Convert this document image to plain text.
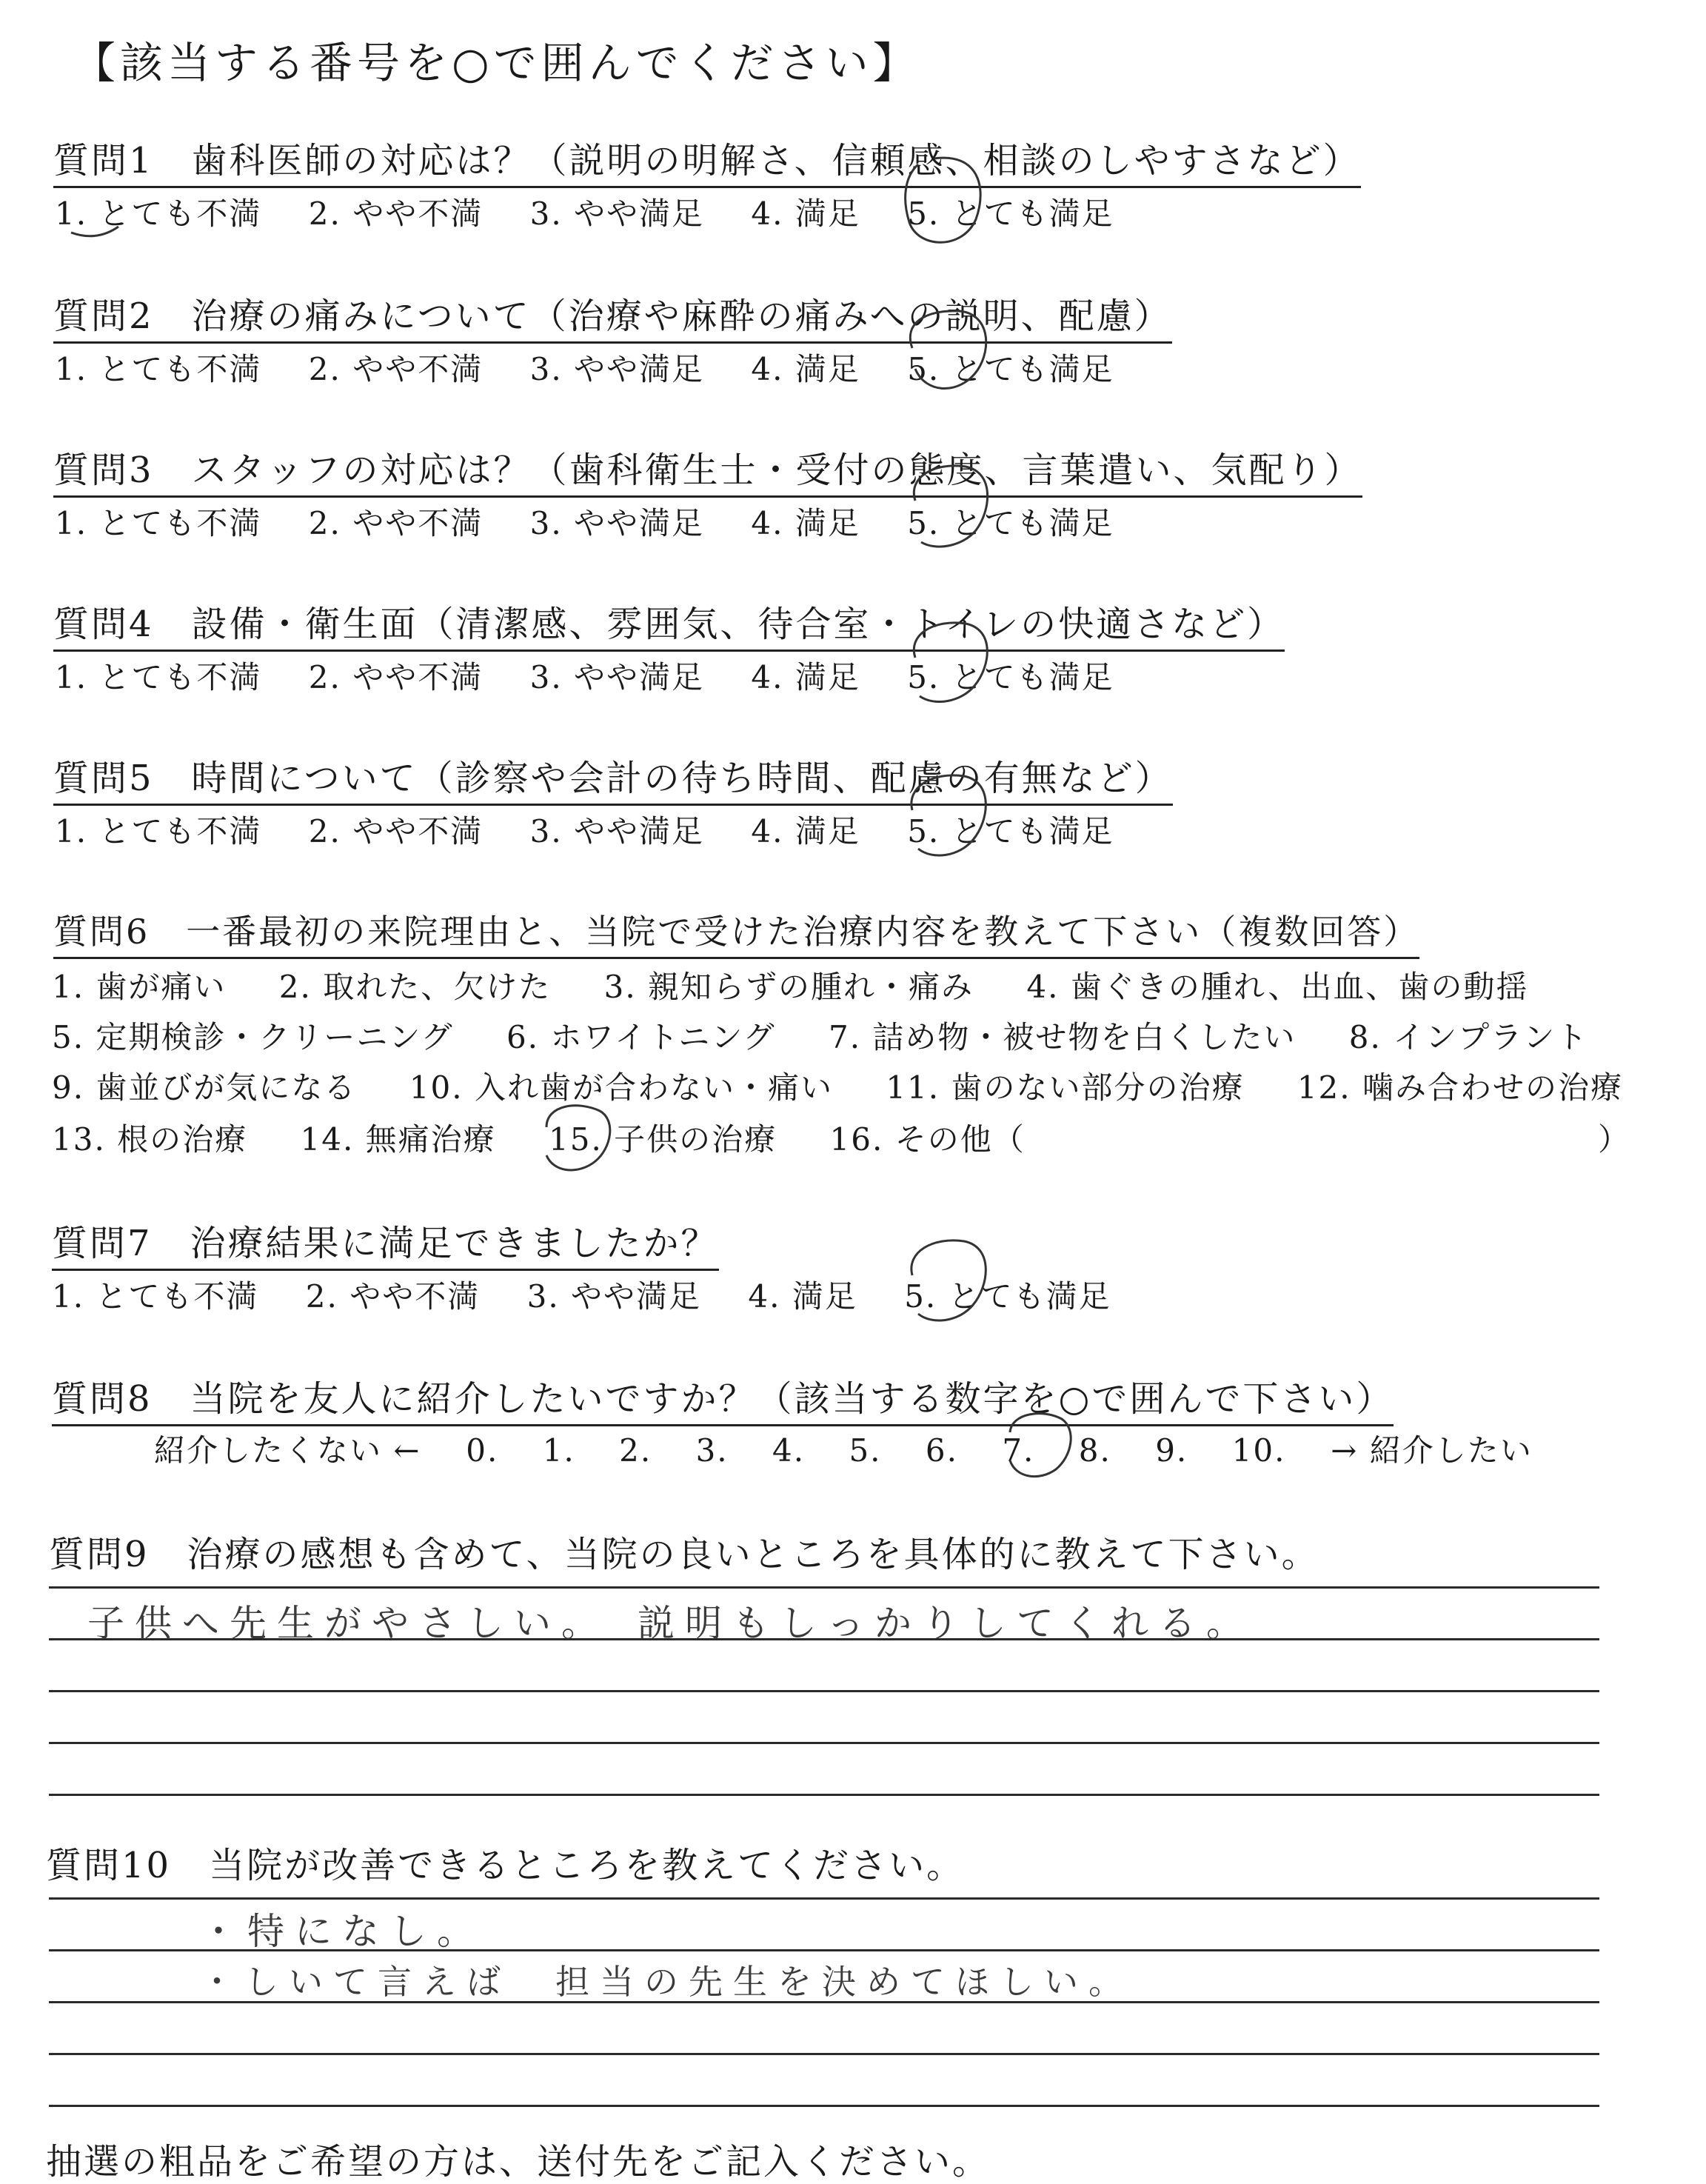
【該当する番号を○で囲んでください】
質問1　歯科医師の対応は？（説明の明解さ、信頼感、相談のしやすさなど）
1. とても不満 2. やや不満 3. やや満足 4. 満足 5. とても満足
質問2　治療の痛みについて（治療や麻酔の痛みへの説明、配慮）
1. とても不満 2. やや不満 3. やや満足 4. 満足 5. とても満足
質問3　スタッフの対応は？（歯科衛生士・受付の態度、言葉遣い、気配り）
1. とても不満 2. やや不満 3. やや満足 4. 満足 5. とても満足
質問4　設備・衛生面（清潔感、雰囲気、待合室・トイレの快適さなど）
1. とても不満 2. やや不満 3. やや満足 4. 満足 5. とても満足
質問5　時間について（診察や会計の待ち時間、配慮の有無など）
1. とても不満 2. やや不満 3. やや満足 4. 満足 5. とても満足
質問6　一番最初の来院理由と、当院で受けた治療内容を教えて下さい（複数回答）
1. 歯が痛い 2. 取れた、欠けた 3. 親知らずの腫れ・痛み 4. 歯ぐきの腫れ、出血、歯の動揺
5. 定期検診・クリーニング 6. ホワイトニング 7. 詰め物・被せ物を白くしたい 8. インプラント
9. 歯並びが気になる 10. 入れ歯が合わない・痛い 11. 歯のない部分の治療 12. 噛み合わせの治療
13. 根の治療 14. 無痛治療 15. 子供の治療 16. その他（	）
質問7　治療結果に満足できましたか？
1. とても不満 2. やや不満 3. やや満足 4. 満足 5. とても満足
質問8　当院を友人に紹介したいですか？（該当する数字を○で囲んで下さい）
紹介したくない ← 0. 1. 2. 3. 4. 5. 6. 7. 8. 9. 10. → 紹介したい
質問9　治療の感想も含めて、当院の良いところを具体的に教えて下さい。
子供へ先生がやさしい。　説明もしっかりしてくれる。
質問10　当院が改善できるところを教えてください。
・特になし。
・しいて言えば　担当の先生を決めてほしい。
抽選の粗品をご希望の方は、送付先をご記入ください。
